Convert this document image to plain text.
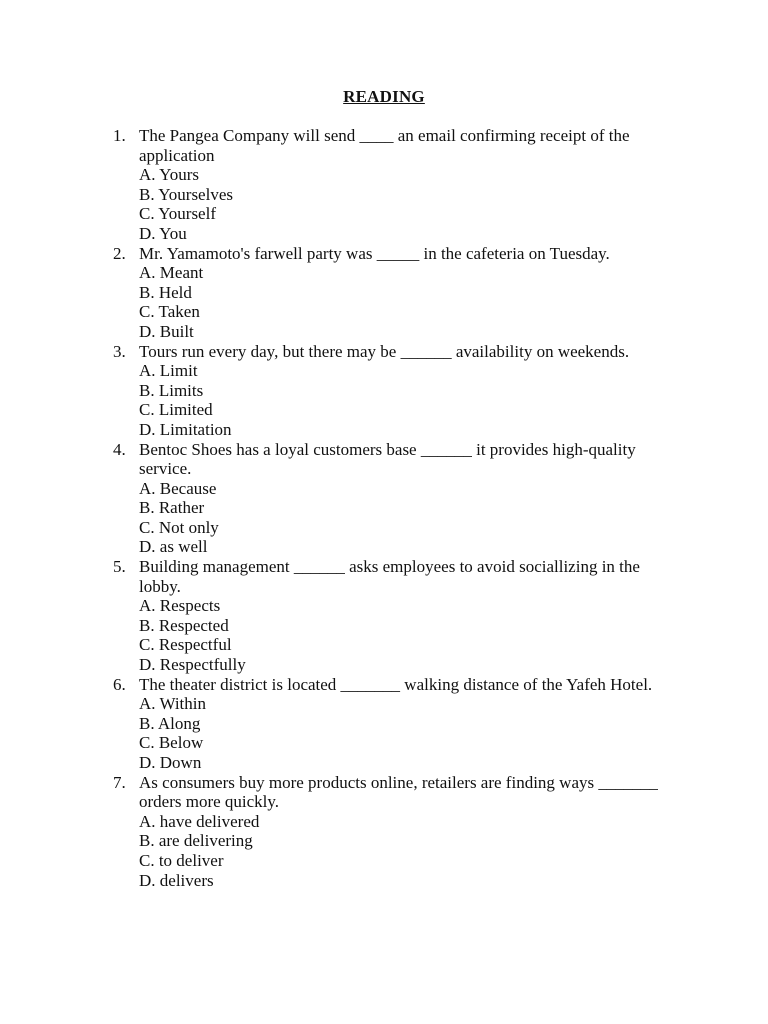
READING
1. The Pangea Company will send ____ an email confirming receipt of the application
A. Yours
B. Yourselves
C. Yourself
D. You
2. Mr. Yamamoto's farwell party was _____ in the cafeteria on Tuesday.
A. Meant
B. Held
C. Taken
D. Built
3. Tours run every day, but there may be ______ availability on weekends.
A. Limit
B. Limits
C. Limited
D. Limitation
4. Bentoc Shoes has a loyal customers base ______ it provides high-quality service.
A. Because
B. Rather
C. Not only
D. as well
5. Building management ______ asks employees to avoid sociallizing in the lobby.
A. Respects
B. Respected
C. Respectful
D. Respectfully
6. The theater district is located _______ walking distance of the Yafeh Hotel.
A. Within
B. Along
C. Below
D. Down
7. As consumers buy more products online, retailers are finding ways _______ orders more quickly.
A. have delivered
B. are delivering
C. to deliver
D. delivers
